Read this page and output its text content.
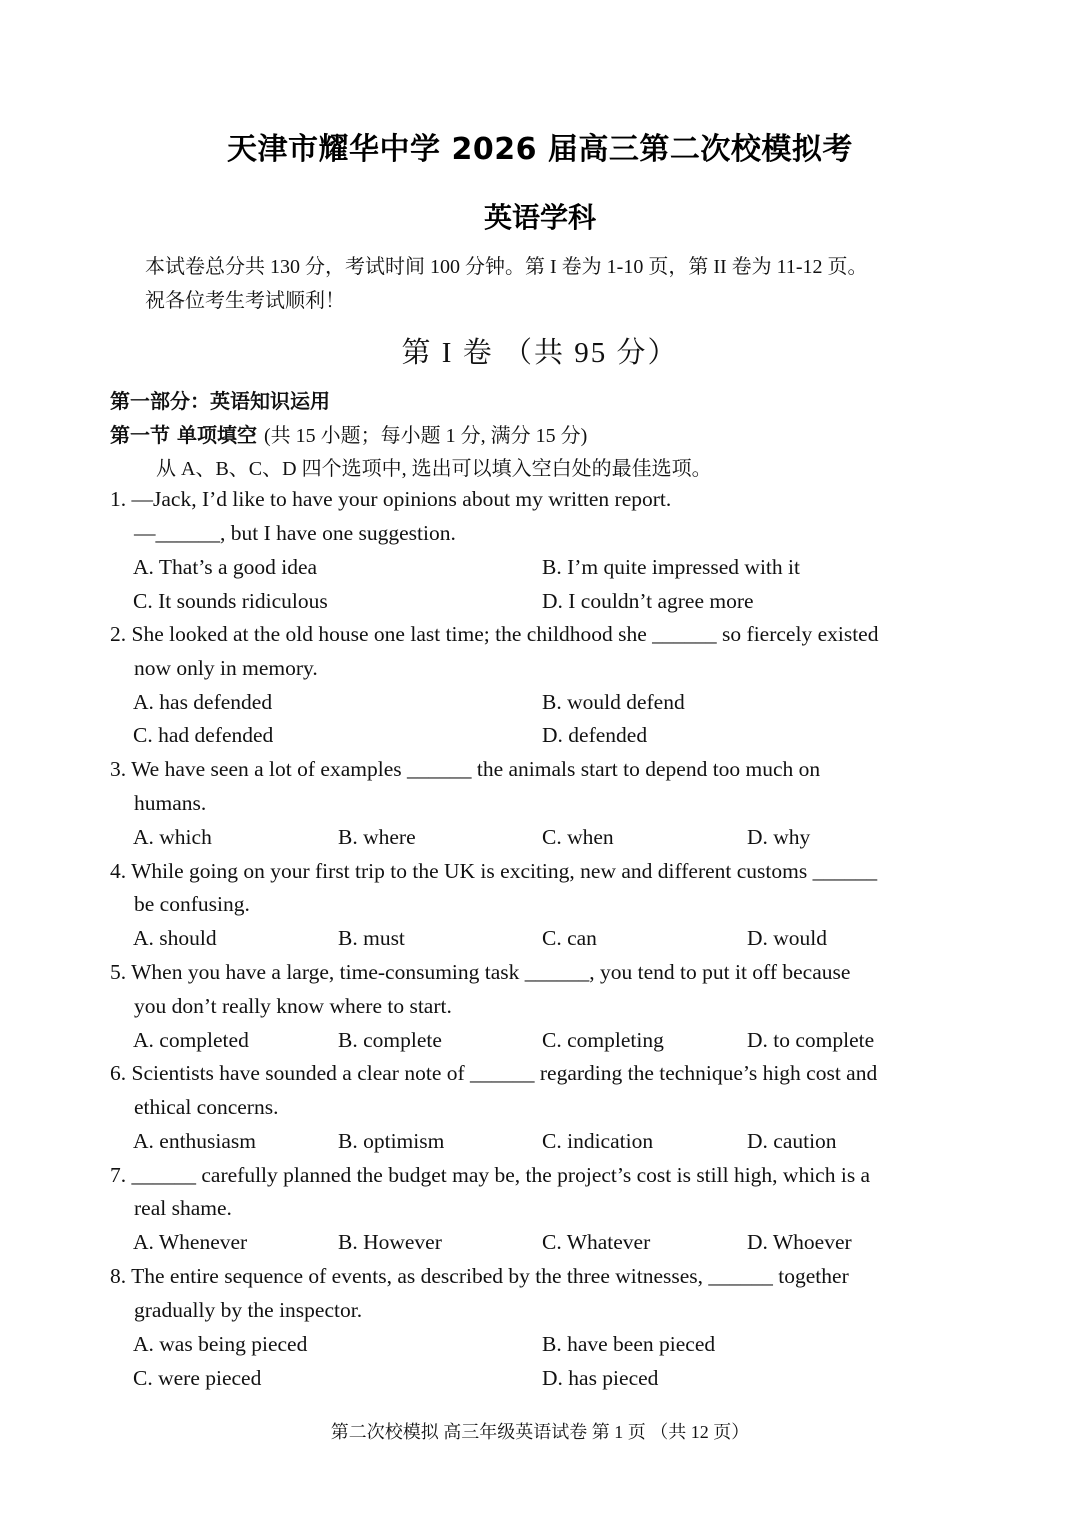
天津市耀华中学 2026 届高三第二次校模拟考
英语学科
本试卷总分共 130 分，考试时间 100 分钟。第 I 卷为 1-10 页，第 II 卷为 11-12 页。
祝各位考生考试顺利！
第 I 卷 （共 95 分）
第一部分：英语知识运用
第一节 单项填空 (共 15 小题；每小题 1 分, 满分 15 分)
从 A、B、C、D 四个选项中, 选出可以填入空白处的最佳选项。
1. —Jack, I’d like to have your opinions about my written report.
—______, but I have one suggestion.
A. That’s a good idea	B. I’m quite impressed with it
C. It sounds ridiculous	D. I couldn’t agree more
2. She looked at the old house one last time; the childhood she ______ so fiercely existed
now only in memory.
A. has defended	B. would defend
C. had defended	D. defended
3. We have seen a lot of examples ______ the animals start to depend too much on
humans.
A. which	B. where	C. when	D. why
4. While going on your first trip to the UK is exciting, new and different customs ______
be confusing.
A. should	B. must	C. can	D. would
5. When you have a large, time-consuming task ______, you tend to put it off because
you don’t really know where to start.
A. completed	B. complete	C. completing	D. to complete
6. Scientists have sounded a clear note of ______ regarding the technique’s high cost and
ethical concerns.
A. enthusiasm	B. optimism	C. indication	D. caution
7. ______ carefully planned the budget may be, the project’s cost is still high, which is a
real shame.
A. Whenever	B. However	C. Whatever	D. Whoever
8. The entire sequence of events, as described by the three witnesses, ______ together
gradually by the inspector.
A. was being pieced	B. have been pieced
C. were pieced	D. has pieced
第二次校模拟 高三年级英语试卷 第 1 页 （共 12 页）
